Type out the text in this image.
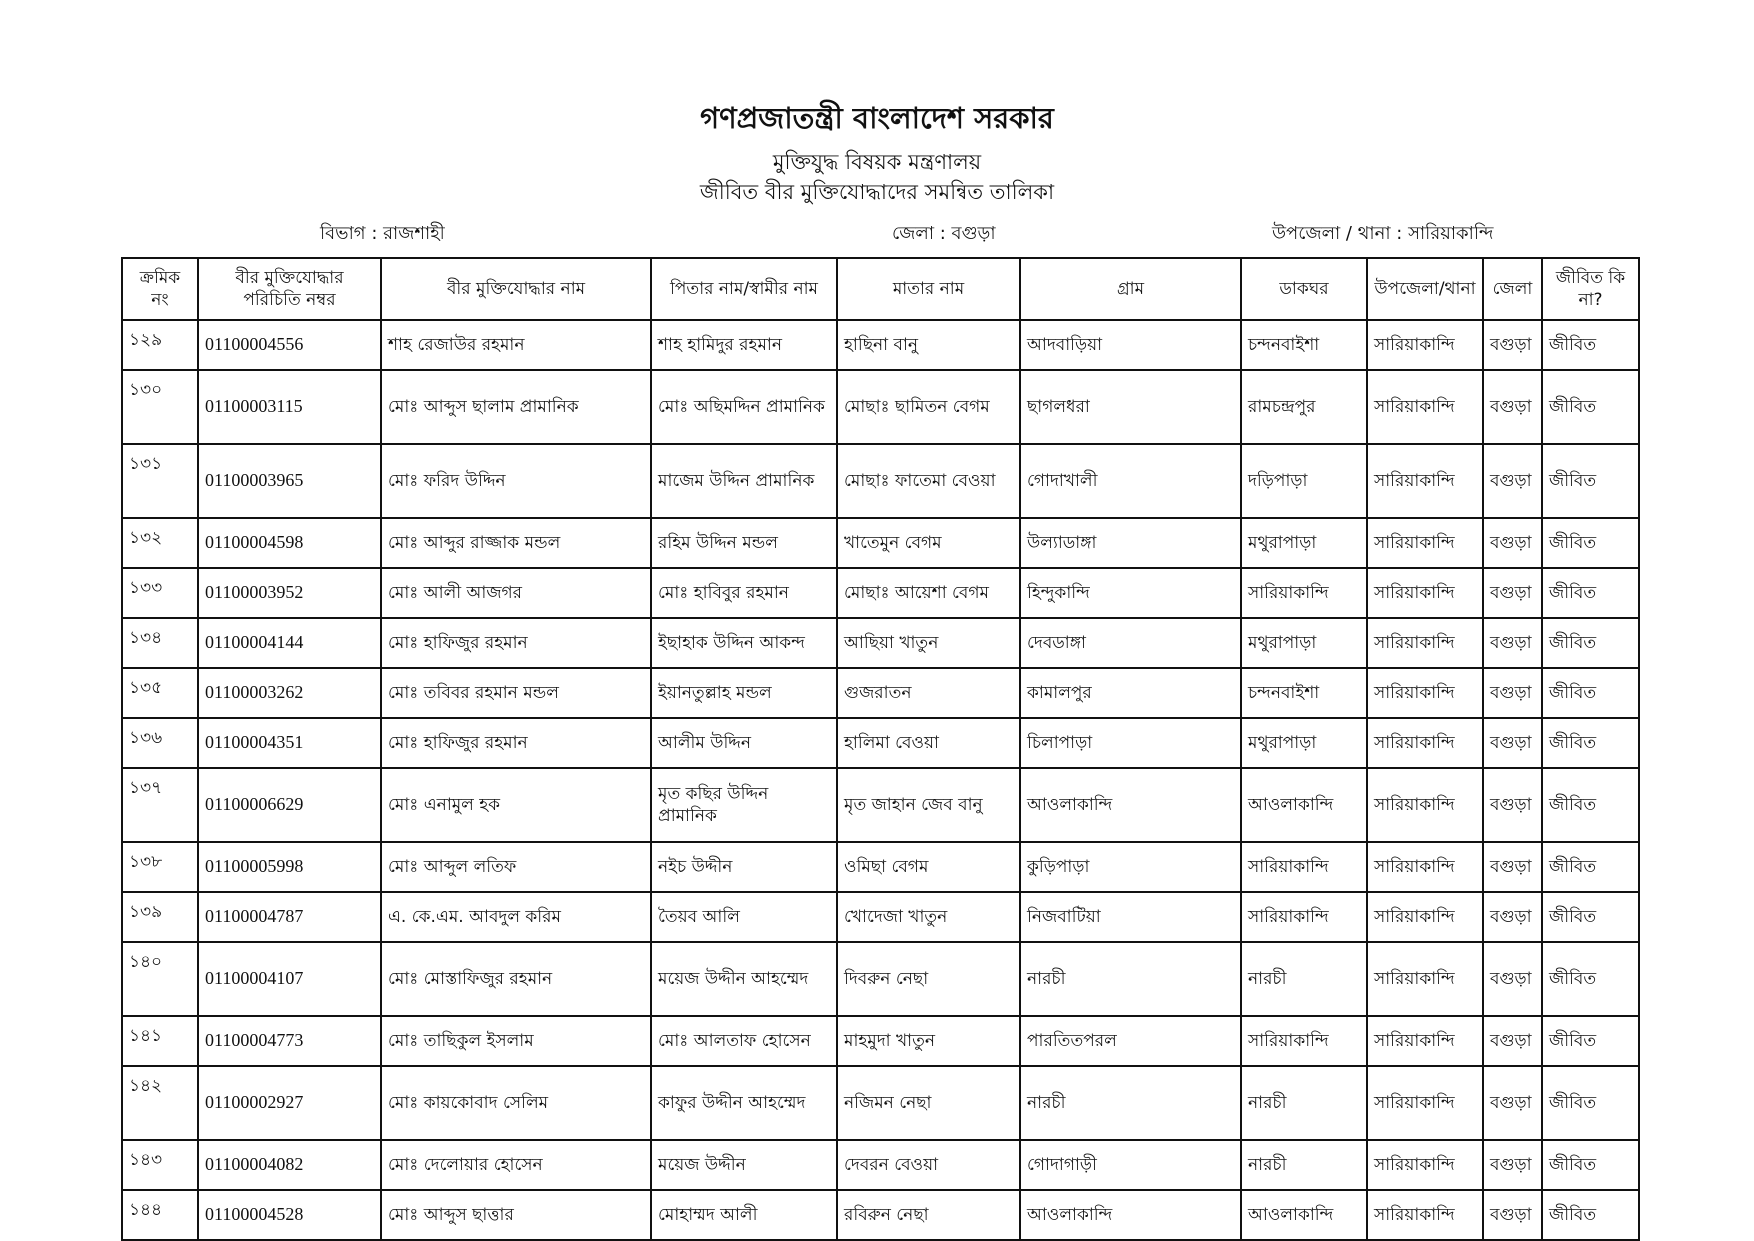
গণপ্রজাতন্ত্রী বাংলাদেশ সরকার
মুক্তিযুদ্ধ বিষয়ক মন্ত্রণালয়
জীবিত বীর মুক্তিযোদ্ধাদের সমন্বিত তালিকা
বিভাগ : রাজশাহী	জেলা : বগুড়া	উপজেলা / থানা : সারিয়াকান্দি
ক্রমিক নং	বীর মুক্তিযোদ্ধার পরিচিতি নম্বর	বীর মুক্তিযোদ্ধার নাম	পিতার নাম/স্বামীর নাম	মাতার নাম	গ্রাম	ডাকঘর	উপজেলা/থানা	জেলা	জীবিত কি না?
১২৯	01100004556	শাহ রেজাউর রহমান	শাহ হামিদুর রহমান	হাছিনা বানু	আদবাড়িয়া	চন্দনবাইশা	সারিয়াকান্দি	বগুড়া	জীবিত
১৩০	01100003115	মোঃ আব্দুস ছালাম প্রামানিক	মোঃ অছিমদ্দিন প্রামানিক	মোছাঃ ছামিতন বেগম	ছাগলধরা	রামচন্দ্রপুর	সারিয়াকান্দি	বগুড়া	জীবিত
১৩১	01100003965	মোঃ ফরিদ উদ্দিন	মাজেম উদ্দিন প্রামানিক	মোছাঃ ফাতেমা বেওয়া	গোদাখালী	দড়িপাড়া	সারিয়াকান্দি	বগুড়া	জীবিত
১৩২	01100004598	মোঃ আব্দুর রাজ্জাক মন্ডল	রহিম উদ্দিন মন্ডল	খাতেমুন বেগম	উল্যাডাঙ্গা	মথুরাপাড়া	সারিয়াকান্দি	বগুড়া	জীবিত
১৩৩	01100003952	মোঃ আলী আজগর	মোঃ হাবিবুর রহমান	মোছাঃ আয়েশা বেগম	হিন্দুকান্দি	সারিয়াকান্দি	সারিয়াকান্দি	বগুড়া	জীবিত
১৩৪	01100004144	মোঃ হাফিজুর রহমান	ইছাহাক উদ্দিন আকন্দ	আছিয়া খাতুন	দেবডাঙ্গা	মথুরাপাড়া	সারিয়াকান্দি	বগুড়া	জীবিত
১৩৫	01100003262	মোঃ তবিবর রহমান মন্ডল	ইয়ানতুল্লাহ মন্ডল	গুজরাতন	কামালপুর	চন্দনবাইশা	সারিয়াকান্দি	বগুড়া	জীবিত
১৩৬	01100004351	মোঃ হাফিজুর রহমান	আলীম উদ্দিন	হালিমা বেওয়া	চিলাপাড়া	মথুরাপাড়া	সারিয়াকান্দি	বগুড়া	জীবিত
১৩৭	01100006629	মোঃ এনামুল হক	মৃত কছির উদ্দিন প্রামানিক	মৃত জাহান জেব বানু	আওলাকান্দি	আওলাকান্দি	সারিয়াকান্দি	বগুড়া	জীবিত
১৩৮	01100005998	মোঃ আব্দুল লতিফ	নইচ উদ্দীন	ওমিছা বেগম	কুড়িপাড়া	সারিয়াকান্দি	সারিয়াকান্দি	বগুড়া	জীবিত
১৩৯	01100004787	এ. কে.এম. আবদুল করিম	তৈয়ব আলি	খোদেজা খাতুন	নিজবাটিয়া	সারিয়াকান্দি	সারিয়াকান্দি	বগুড়া	জীবিত
১৪০	01100004107	মোঃ মোস্তাফিজুর রহমান	ময়েজ উদ্দীন আহম্মেদ	দিবরুন নেছা	নারচী	নারচী	সারিয়াকান্দি	বগুড়া	জীবিত
১৪১	01100004773	মোঃ তাছিকুল ইসলাম	মোঃ আলতাফ হোসেন	মাহমুদা খাতুন	পারতিতপরল	সারিয়াকান্দি	সারিয়াকান্দি	বগুড়া	জীবিত
১৪২	01100002927	মোঃ কায়কোবাদ সেলিম	কাফুর উদ্দীন আহম্মেদ	নজিমন নেছা	নারচী	নারচী	সারিয়াকান্দি	বগুড়া	জীবিত
১৪৩	01100004082	মোঃ দেলোয়ার হোসেন	ময়েজ উদ্দীন	দেবরন বেওয়া	গোদাগাড়ী	নারচী	সারিয়াকান্দি	বগুড়া	জীবিত
১৪৪	01100004528	মোঃ আব্দুস ছাত্তার	মোহাম্মদ আলী	রবিরুন নেছা	আওলাকান্দি	আওলাকান্দি	সারিয়াকান্দি	বগুড়া	জীবিত
